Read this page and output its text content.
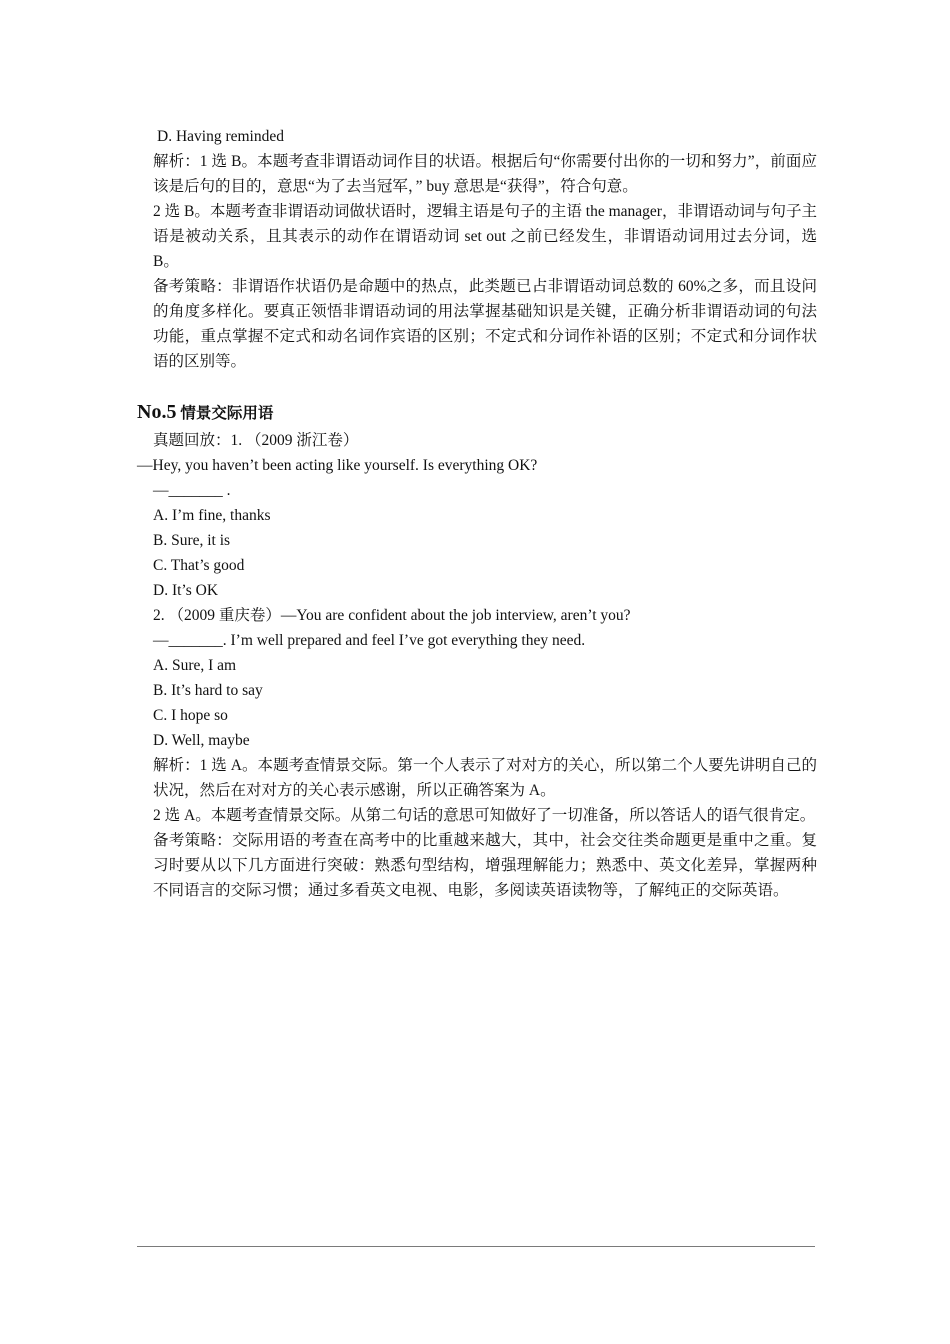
D. Having reminded

解析：1 选 B。本题考查非谓语动词作目的状语。根据后句“你需要付出你的一切和努力”，前面应该是后句的目的，意思“为了去当冠军，” buy 意思是“获得”，符合句意。

2 选 B。本题考查非谓语动词做状语时，逻辑主语是句子的主语 the manager，非谓语动词与句子主语是被动关系，且其表示的动作在谓语动词 set out 之前已经发生，非谓语动词用过去分词，选 B。

备考策略：非谓语作状语仍是命题中的热点，此类题已占非谓语动词总数的 60%之多，而且设问的角度多样化。要真正领悟非谓语动词的用法掌握基础知识是关键，正确分析非谓语动词的句法功能，重点掌握不定式和动名词作宾语的区别；不定式和分词作补语的区别；不定式和分词作状语的区别等。

No.5 情景交际用语

真题回放：1. （2009 浙江卷）

—Hey, you haven’t been acting like yourself. Is everything OK?

—_______ .

A. I’m fine, thanks

B. Sure, it is

C. That’s good

D. It’s OK

2. （2009 重庆卷）—You are confident about the job interview, aren’t you?

—_______. I’m well prepared and feel I’ve got everything they need.

A. Sure, I am

B. It’s hard to say

C. I hope so

D. Well, maybe

解析：1 选 A。本题考查情景交际。第一个人表示了对对方的关心，所以第二个人要先讲明自己的状况，然后在对对方的关心表示感谢，所以正确答案为 A。

2 选 A。本题考查情景交际。从第二句话的意思可知做好了一切准备，所以答话人的语气很肯定。

备考策略：交际用语的考查在高考中的比重越来越大，其中，社会交往类命题更是重中之重。复习时要从以下几方面进行突破：熟悉句型结构，增强理解能力；熟悉中、英文化差异，掌握两种不同语言的交际习惯；通过多看英文电视、电影，多阅读英语读物等，了解纯正的交际英语。
